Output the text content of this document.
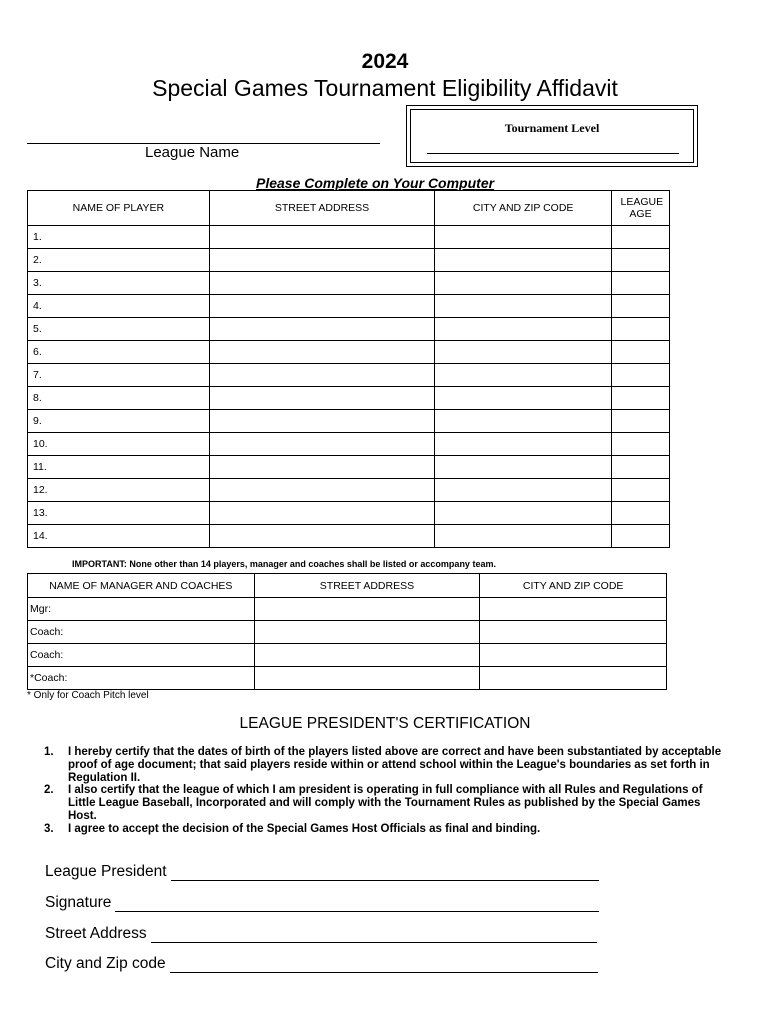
2024
Special Games Tournament Eligibility Affidavit
League Name
Tournament Level
Please Complete on Your Computer
NAME OF PLAYER	STREET ADDRESS	CITY AND ZIP CODE	LEAGUE AGE
1.			
2.			
3.			
4.			
5.			
6.			
7.			
8.			
9.			
10.			
11.			
12.			
13.			
14.			
IMPORTANT: None other than 14 players, manager and coaches shall be listed or accompany team.
NAME OF MANAGER AND COACHES	STREET ADDRESS	CITY AND ZIP CODE
Mgr:		
Coach:		
Coach:		
*Coach:		
* Only for Coach Pitch level
LEAGUE PRESIDENT'S CERTIFICATION
1.	I hereby certify that the dates of birth of the players listed above are correct and have been substantiated by acceptable proof of age document; that said players reside within or attend school within the League's boundaries as set forth in Regulation II.
2.	I also certify that the league of which I am president is operating in full compliance with all Rules and Regulations of Little League Baseball, Incorporated and will comply with the Tournament Rules as published by the Special Games Host.
3.	I agree to accept the decision of the Special Games Host Officials as final and binding.
League President
Signature
Street Address
City and Zip code
